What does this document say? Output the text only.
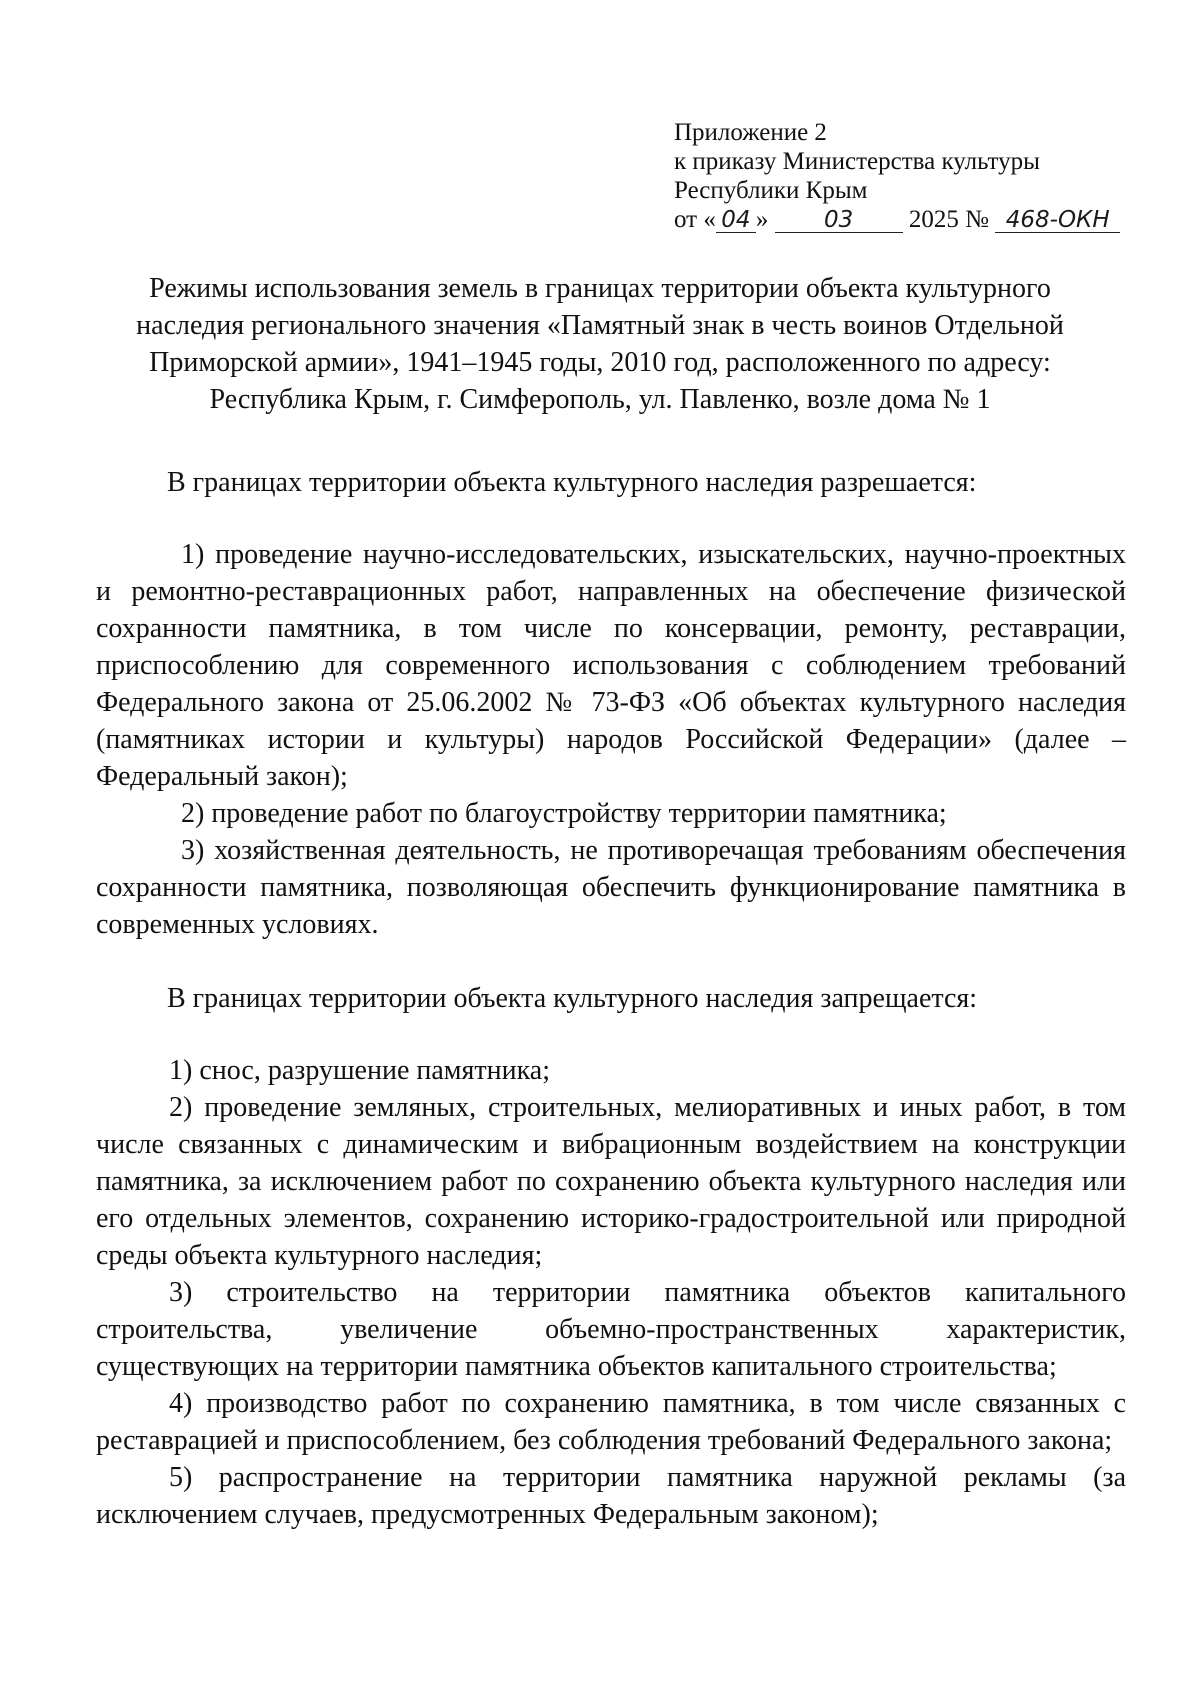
Приложение 2
к приказу Министерства культуры
Республики Крым
от « 04 » 03 2025 № 468-ОКН
Режимы использования земель в границах территории объекта культурного
наследия регионального значения «Памятный знак в честь воинов Отдельной
Приморской армии», 1941–1945 годы, 2010 год, расположенного по адресу:
Республика Крым, г. Симферополь, ул. Павленко, возле дома № 1
В границах территории объекта культурного наследия разрешается:

1) проведение научно-исследовательских, изыскательских, научно-проектных и ремонтно-реставрационных работ, направленных на обеспечение физической сохранности памятника, в том числе по консервации, ремонту, реставрации, приспособлению для современного использования с соблюдением требований Федерального закона от 25.06.2002 № 73-ФЗ «Об объектах культурного наследия (памятниках истории и культуры) народов Российской Федерации» (далее – Федеральный закон);

2) проведение работ по благоустройству территории памятника;

3) хозяйственная деятельность, не противоречащая требованиям обеспечения сохранности памятника, позволяющая обеспечить функционирование памятника в современных условиях.

В границах территории объекта культурного наследия запрещается:

1) снос, разрушение памятника;

2) проведение земляных, строительных, мелиоративных и иных работ, в том числе связанных с динамическим и вибрационным воздействием на конструкции памятника, за исключением работ по сохранению объекта культурного наследия или его отдельных элементов, сохранению историко-градостроительной или природной среды объекта культурного наследия;

3) строительство на территории памятника объектов капитального строительства, увеличение объемно-пространственных характеристик, существующих на территории памятника объектов капитального строительства;

4) производство работ по сохранению памятника, в том числе связанных с реставрацией и приспособлением, без соблюдения требований Федерального закона;

5) распространение на территории памятника наружной рекламы (за исключением случаев, предусмотренных Федеральным законом);
